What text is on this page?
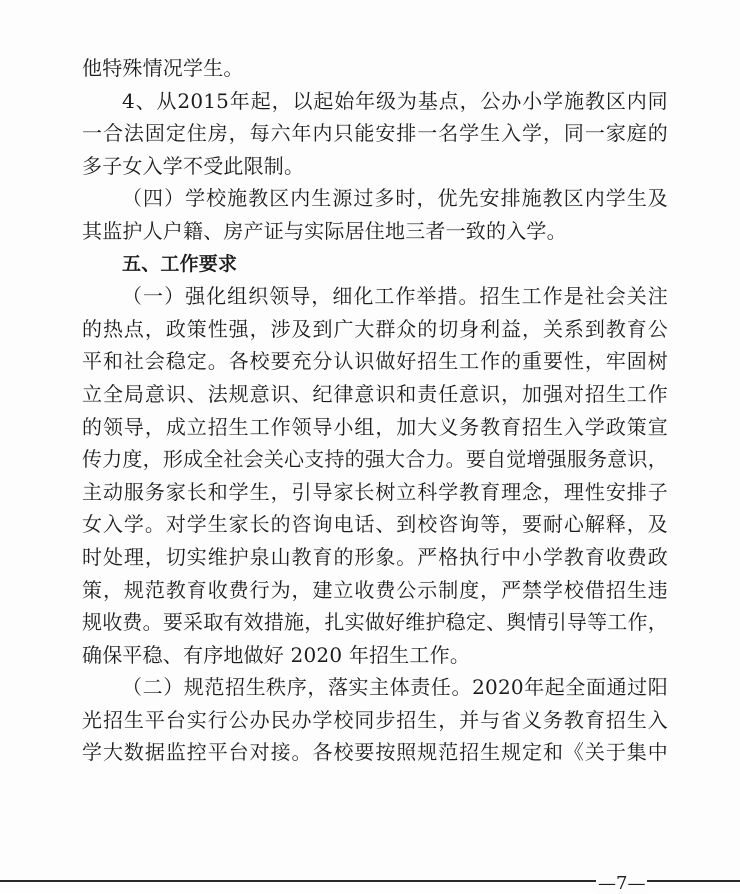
他特殊情况学生。
4 、 从 2015 年 起 ， 以 起 始 年 级 为 基 点 ， 公 办 小 学 施 教 区 内 同
一 合 法 固 定 住 房 ， 每 六 年 内 只 能 安 排 一 名 学 生 入 学 ， 同 一 家 庭 的
多子女入学不受此限制。
（ 四 ） 学 校 施 教 区 内 生 源 过 多 时 ， 优 先 安 排 施 教 区 内 学 生 及
其监护人户籍、房产证与实际居住地三者一致的入学。
五、工作要求
（ 一 ） 强 化 组 织 领 导 ， 细 化 工 作 举 措 。 招 生 工 作 是 社 会 关 注
的 热 点 ， 政 策 性 强 ， 涉 及 到 广 大 群 众 的 切 身 利 益 ， 关 系 到 教 育 公
平 和 社 会 稳 定 。 各 校 要 充 分 认 识 做 好 招 生 工 作 的 重 要 性 ， 牢 固 树
立 全 局 意 识 、 法 规 意 识 、 纪 律 意 识 和 责 任 意 识 ， 加 强 对 招 生 工 作
的 领 导 ， 成 立 招 生 工 作 领 导 小 组 ， 加 大 义 务 教 育 招 生 入 学 政 策 宣
传 力 度 ， 形 成 全 社 会 关 心 支 持 的 强 大 合 力 。 要 自 觉 增 强 服 务 意 识 ，
主 动 服 务 家 长 和 学 生 ， 引 导 家 长 树 立 科 学 教 育 理 念 ， 理 性 安 排 子
女 入 学 。 对 学 生 家 长 的 咨 询 电 话 、 到 校 咨 询 等 ， 要 耐 心 解 释 ， 及
时 处 理 ， 切 实 维 护 泉 山 教 育 的 形 象 。 严 格 执 行 中 小 学 教 育 收 费 政
策 ， 规 范 教 育 收 费 行 为 ， 建 立 收 费 公 示 制 度 ， 严 禁 学 校 借 招 生 违
规 收 费 。 要 采 取 有 效 措 施 ， 扎 实 做 好 维 护 稳 定 、 舆 情 引 导 等 工 作 ，
确保平稳、有序地做好 2020 年招生工作。
（ 二 ） 规 范 招 生 秩 序 ， 落 实 主 体 责 任 。 2020 年 起 全 面 通 过 阳
光 招 生 平 台 实 行 公 办 民 办 学 校 同 步 招 生 ， 并 与 省 义 务 教 育 招 生 入
学 大 数 据 监 控 平 台 对 接 。 各 校 要 按 照 规 范 招 生 规 定 和 《 关 于 集 中
—7—
